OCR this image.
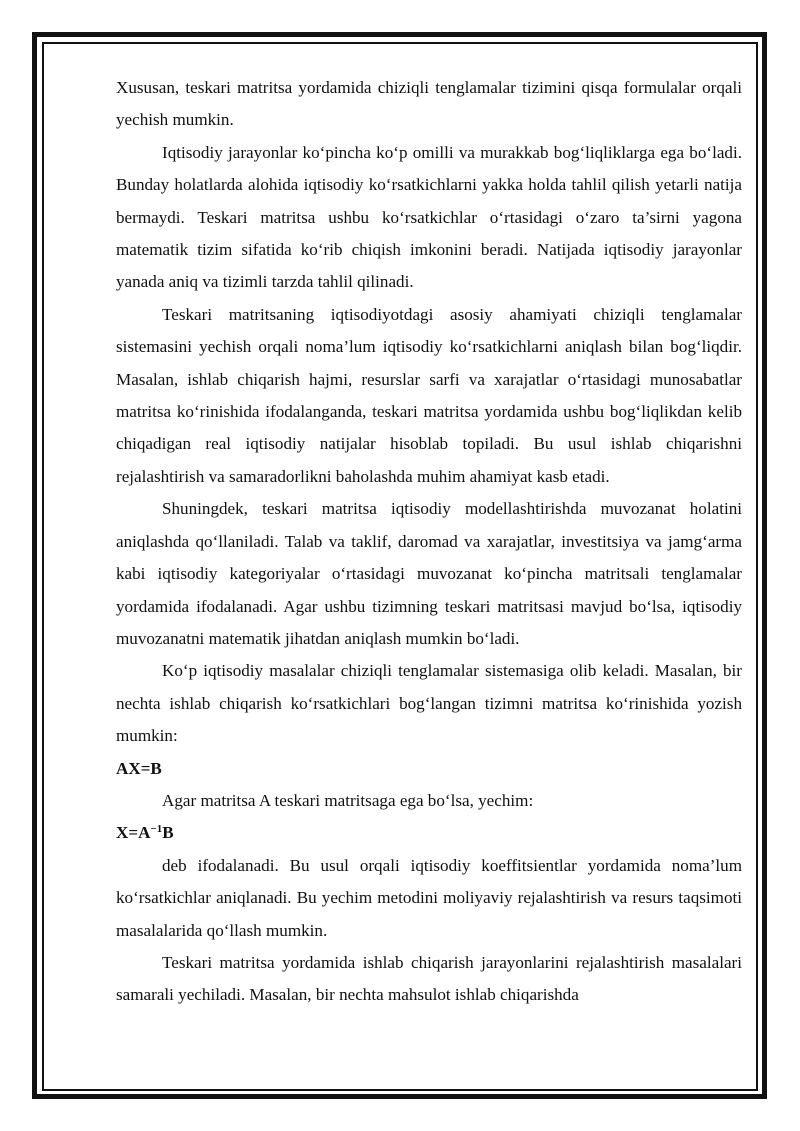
Xususan, teskari matritsa yordamida chiziqli tenglamalar tizimini qisqa formulalar orqali yechish mumkin.

Iqtisodiy jarayonlar ko‘pincha ko‘p omilli va murakkab bog‘liqliklarga ega bo‘ladi. Bunday holatlarda alohida iqtisodiy ko‘rsatkichlarni yakka holda tahlil qilish yetarli natija bermaydi. Teskari matritsa ushbu ko‘rsatkichlar o‘rtasidagi o‘zaro ta’sirni yagona matematik tizim sifatida ko‘rib chiqish imkonini beradi. Natijada iqtisodiy jarayonlar yanada aniq va tizimli tarzda tahlil qilinadi.

Teskari matritsaning iqtisodiyotdagi asosiy ahamiyati chiziqli tenglamalar sistemasini yechish orqali noma’lum iqtisodiy ko‘rsatkichlarni aniqlash bilan bog‘liqdir. Masalan, ishlab chiqarish hajmi, resurslar sarfi va xarajatlar o‘rtasidagi munosabatlar matritsa ko‘rinishida ifodalanganda, teskari matritsa yordamida ushbu bog‘liqlikdan kelib chiqadigan real iqtisodiy natijalar hisoblab topiladi. Bu usul ishlab chiqarishni rejalashtirish va samaradorlikni baholashda muhim ahamiyat kasb etadi.

Shuningdek, teskari matritsa iqtisodiy modellashtirishda muvozanat holatini aniqlashda qo‘llaniladi. Talab va taklif, daromad va xarajatlar, investitsiya va jamg‘arma kabi iqtisodiy kategoriyalar o‘rtasidagi muvozanat ko‘pincha matritsali tenglamalar yordamida ifodalanadi. Agar ushbu tizimning teskari matritsasi mavjud bo‘lsa, iqtisodiy muvozanatni matematik jihatdan aniqlash mumkin bo‘ladi.

Ko‘p iqtisodiy masalalar chiziqli tenglamalar sistemasiga olib keladi. Masalan, bir nechta ishlab chiqarish ko‘rsatkichlari bog‘langan tizimni matritsa ko‘rinishida yozish mumkin:

AX=B

Agar matritsa A teskari matritsaga ega bo‘lsa, yechim:

$X=A^{-1}B$

deb ifodalanadi. Bu usul orqali iqtisodiy koeffitsientlar yordamida noma’lum ko‘rsatkichlar aniqlanadi. Bu yechim metodini moliyaviy rejalashtirish va resurs taqsimoti masalalarida qo‘llash mumkin.

Teskari matritsa yordamida ishlab chiqarish jarayonlarini rejalashtirish masalalari samarali yechiladi. Masalan, bir nechta mahsulot ishlab chiqarishda
